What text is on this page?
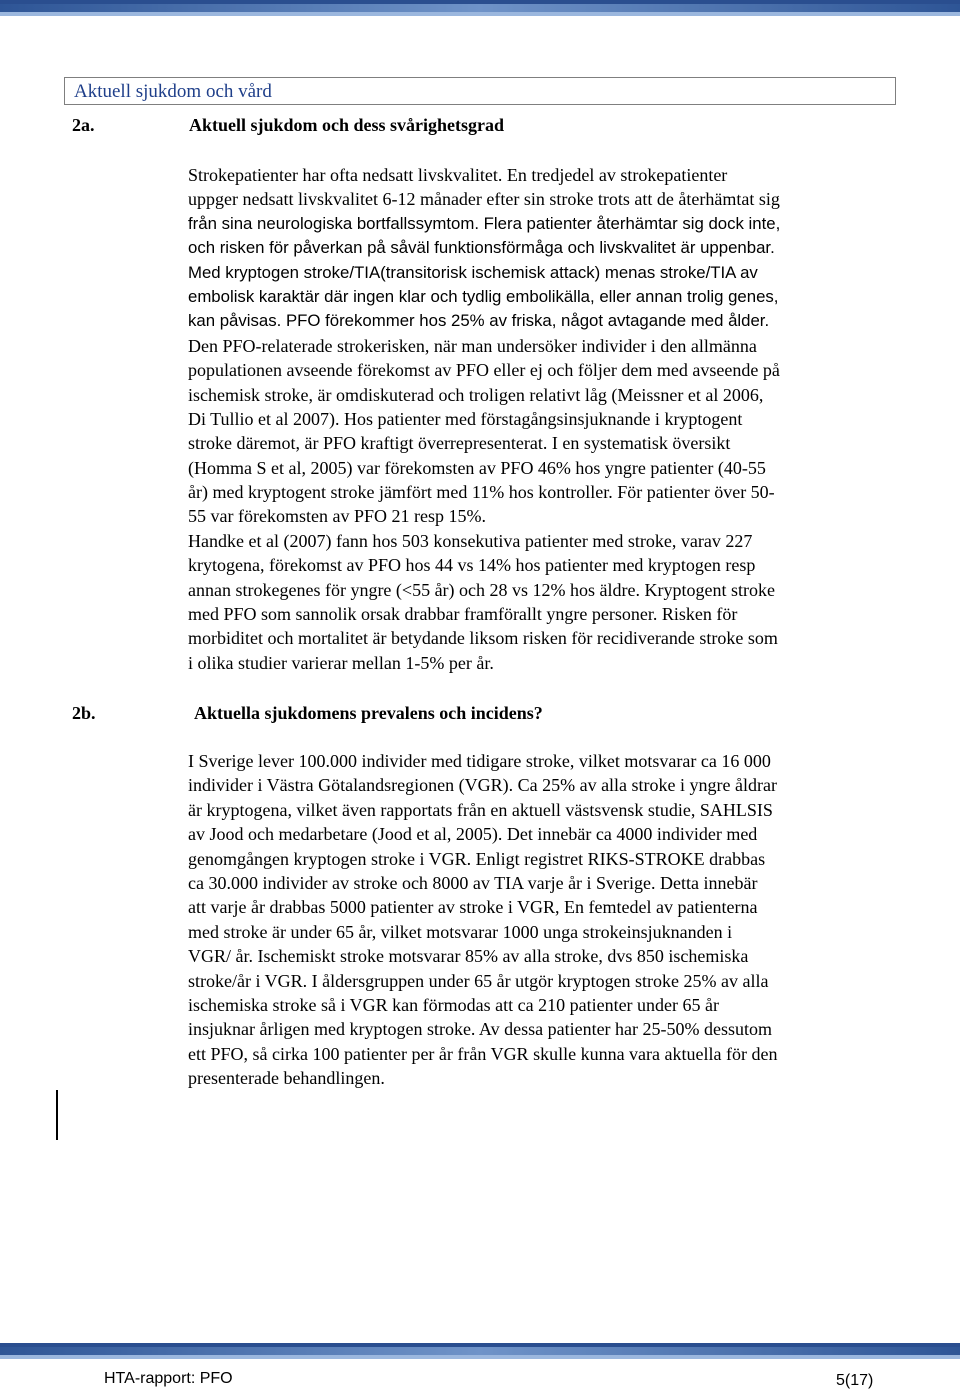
Aktuell sjukdom och vård
2a.	Aktuell sjukdom och dess svårighetsgrad
Strokepatienter har ofta nedsatt livskvalitet. En tredjedel av strokepatienter
uppger nedsatt livskvalitet 6-12 månader efter sin stroke trots att de återhämtat sig
från sina neurologiska bortfallssymtom. Flera patienter återhämtar sig dock inte,
och risken för påverkan på såväl funktionsförmåga och livskvalitet är uppenbar.
Med kryptogen stroke/TIA(transitorisk ischemisk attack) menas stroke/TIA av
embolisk karaktär där ingen klar och tydlig embolikälla, eller annan trolig genes,
kan påvisas. PFO förekommer hos 25% av friska, något avtagande med ålder.
Den PFO-relaterade strokerisken, när man undersöker individer i den allmänna
populationen avseende förekomst av PFO eller ej och följer dem med avseende på
ischemisk stroke, är omdiskuterad och troligen relativt låg (Meissner et al 2006,
Di Tullio et al 2007). Hos patienter med förstagångsinsjuknande i kryptogent
stroke däremot, är PFO kraftigt överrepresenterat. I en systematisk översikt
(Homma S et al, 2005) var förekomsten av PFO 46% hos yngre patienter (40-55
år) med kryptogent stroke jämfört med 11% hos kontroller. För patienter över 50-
55 var förekomsten av PFO 21 resp 15%.
Handke et al (2007) fann hos 503 konsekutiva patienter med stroke, varav 227
krytogena, förekomst av PFO hos 44 vs 14% hos patienter med kryptogen resp
annan strokegenes för yngre (<55 år) och 28 vs 12% hos äldre. Kryptogent stroke
med PFO som sannolik orsak drabbar framförallt yngre personer. Risken för
morbiditet och mortalitet är betydande liksom risken för recidiverande stroke som
i olika studier varierar mellan 1-5% per år.
2b.	Aktuella sjukdomens prevalens och incidens?
I Sverige lever 100.000 individer med tidigare stroke, vilket motsvarar ca 16 000
individer i Västra Götalandsregionen (VGR). Ca 25% av alla stroke i yngre åldrar
är kryptogena, vilket även rapportats från en aktuell västsvensk studie, SAHLSIS
av Jood och medarbetare (Jood et al, 2005). Det innebär ca 4000 individer med
genomgången kryptogen stroke i VGR. Enligt registret RIKS-STROKE drabbas
ca 30.000 individer av stroke och 8000 av TIA varje år i Sverige. Detta innebär
att varje år drabbas 5000 patienter av stroke i VGR, En femtedel av patienterna
med stroke är under 65 år, vilket motsvarar 1000 unga strokeinsjuknanden i
VGR/ år. Ischemiskt stroke motsvarar 85% av alla stroke, dvs 850 ischemiska
stroke/år i VGR. I åldersgruppen under 65 år utgör kryptogen stroke 25% av alla
ischemiska stroke så i VGR kan förmodas att ca 210 patienter under 65 år
insjuknar årligen med kryptogen stroke. Av dessa patienter har 25-50% dessutom
ett PFO, så cirka 100 patienter per år från VGR skulle kunna vara aktuella för den
presenterade behandlingen.
HTA-rapport: PFO	5(17)
